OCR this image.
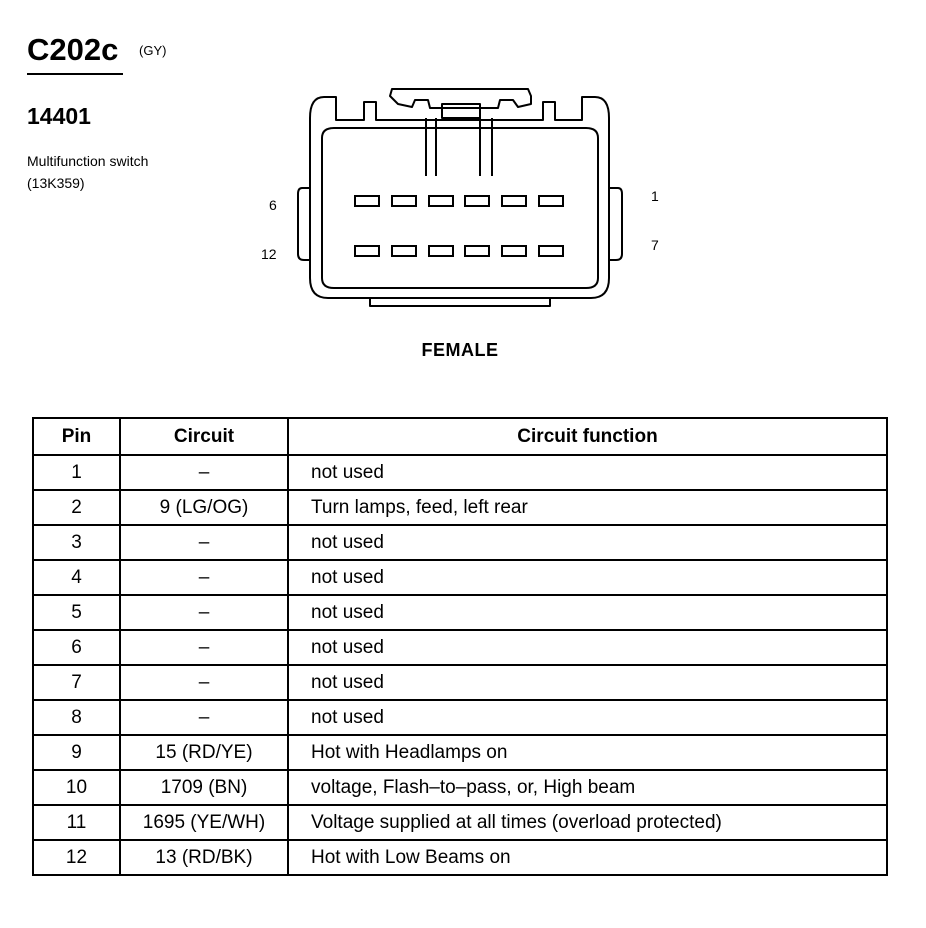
C202c (GY)
14401
Multifunction switch
(13K359)
6
12
1
7
FEMALE
Pin	Circuit	Circuit function
1	–	not used
2	9 (LG/OG)	Turn lamps, feed, left rear
3	–	not used
4	–	not used
5	–	not used
6	–	not used
7	–	not used
8	–	not used
9	15 (RD/YE)	Hot with Headlamps on
10	1709 (BN)	voltage, Flash–to–pass, or, High beam
11	1695 (YE/WH)	Voltage supplied at all times (overload protected)
12	13 (RD/BK)	Hot with Low Beams on
